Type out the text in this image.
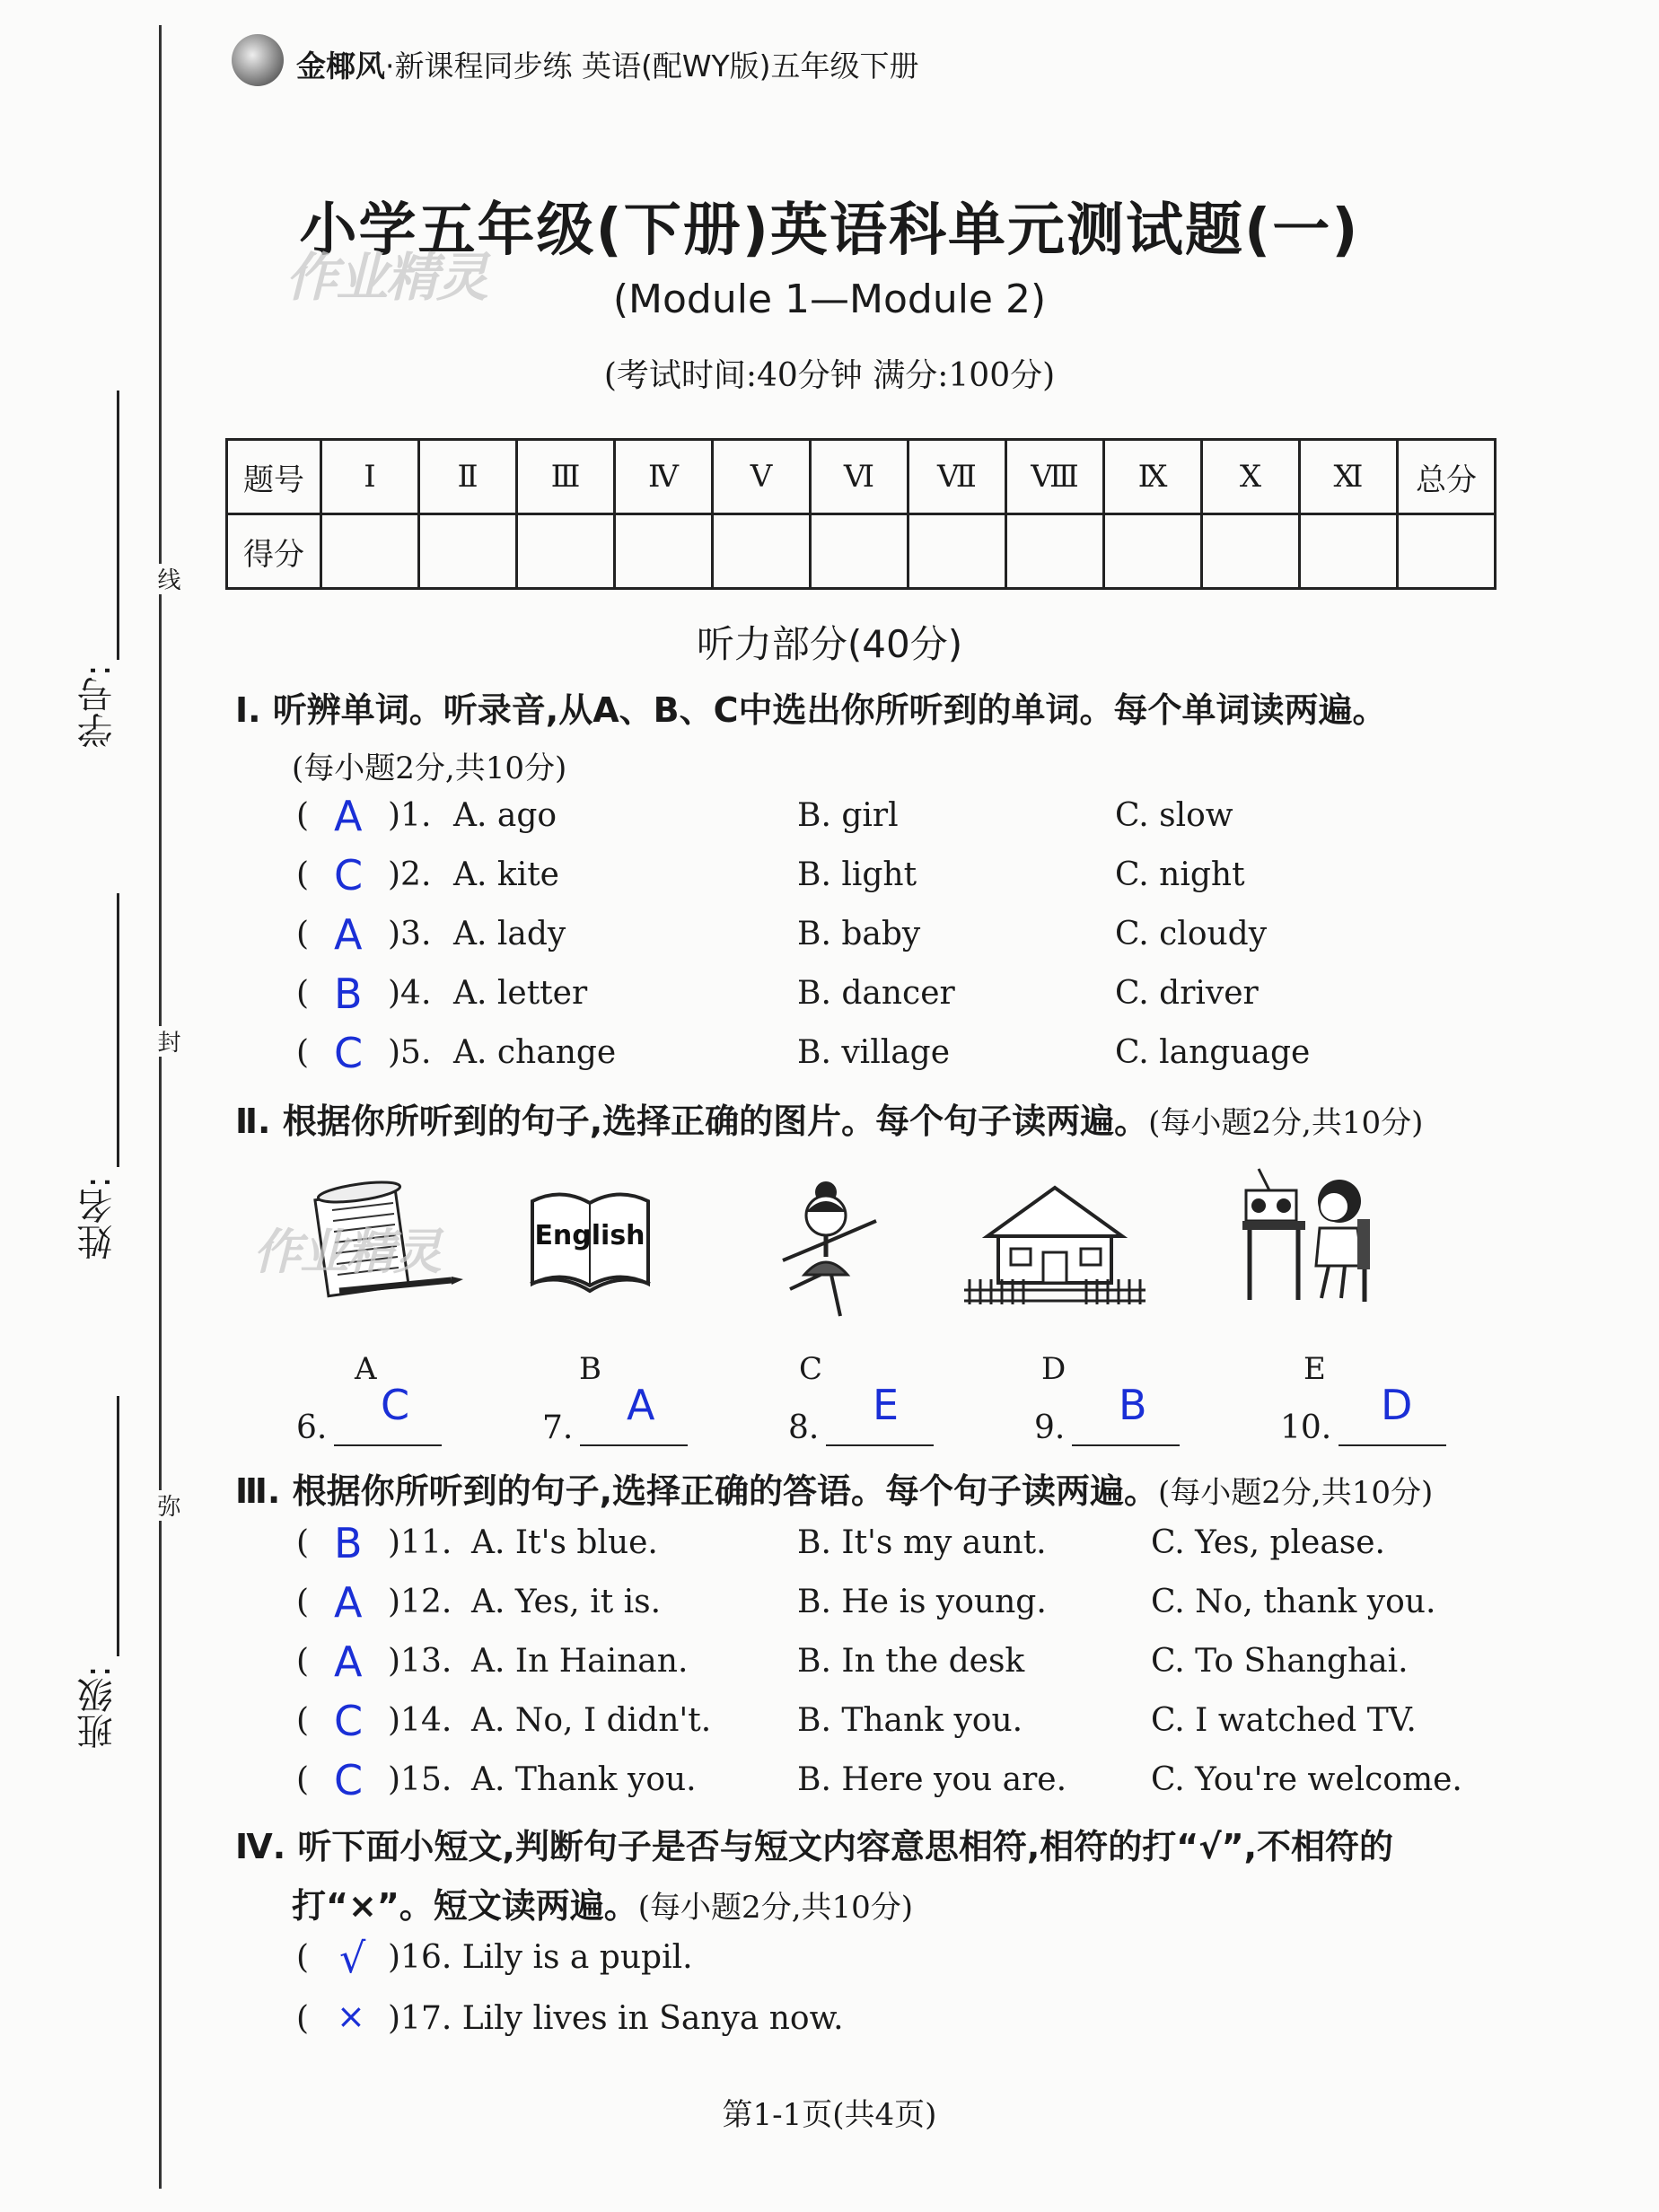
金椰风·新课程同步练 英语(配WY版)五年级下册
线
封
弥
学号:
姓名:
班级:
小学五年级(下册)英语科单元测试题(一)
作业精灵	(Module 1—Module 2)
(考试时间:40分钟 满分:100分)
题号	Ⅰ	Ⅱ	Ⅲ	Ⅳ	Ⅴ	Ⅵ	Ⅶ	Ⅷ	Ⅸ	Ⅹ	Ⅺ	总分
得分												
听力部分(40分)
Ⅰ. 听辨单词。听录音,从A、B、C中选出你所听到的单词。每个单词读两遍。
(每小题2分,共10分)
( A )1. A. ago	B. girl	C. slow
( C )2. A. kite	B. light	C. night
( A )3. A. lady	B. baby	C. cloudy
( B )4. A. letter	B. dancer	C. driver
( C )5. A. change	B. village	C. language
Ⅱ. 根据你所听到的句子,选择正确的图片。每个句子读两遍。(每小题2分,共10分)
作业精灵	English
A	B	C	D	E
6.	C	7.	A	8.	E	9.	B	10.	D
Ⅲ. 根据你所听到的句子,选择正确的答语。每个句子读两遍。(每小题2分,共10分)
( B )11. A. It's blue.	B. It's my aunt.	C. Yes, please.
( A )12. A. Yes, it is.	B. He is young.	C. No, thank you.
( A )13. A. In Hainan.	B. In the desk	C. To Shanghai.
( C )14. A. No, I didn't.	B. Thank you.	C. I watched TV.
( C )15. A. Thank you.	B. Here you are.	C. You're welcome.
Ⅳ. 听下面小短文,判断句子是否与短文内容意思相符,相符的打“√”,不相符的
打“×”。短文读两遍。(每小题2分,共10分)
( √ )16. Lily is a pupil.
( × )17. Lily lives in Sanya now.
第1-1页(共4页)
